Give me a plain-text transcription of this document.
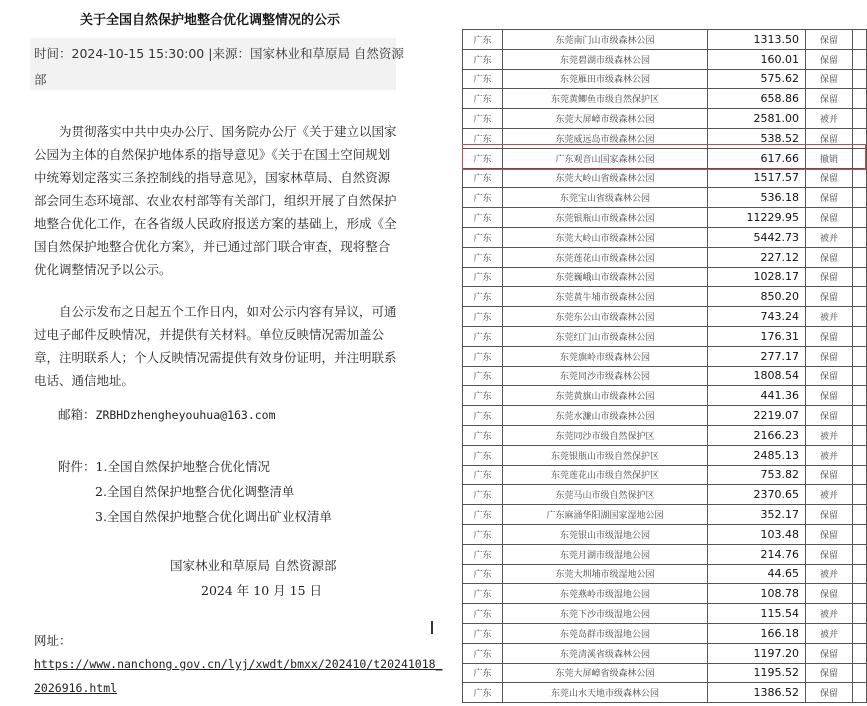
关于全国自然保护地整合优化调整情况的公示
时间：2024-10-15 15:30:00 |来源：国家林业和草原局 自然资源
部

为贯彻落实中共中央办公厅、国务院办公厅《关于建立以国家公园为主体的自然保护地体系的指导意见》《关于在国土空间规划中统筹划定落实三条控制线的指导意见》，国家林草局、自然资源部会同生态环境部、农业农村部等有关部门，组织开展了自然保护地整合优化工作，在各省级人民政府报送方案的基础上，形成《全国自然保护地整合优化方案》，并已通过部门联合审查，现将整合优化调整情况予以公示。

自公示发布之日起五个工作日内，如对公示内容有异议，可通过电子邮件反映情况，并提供有关材料。单位反映情况需加盖公章，注明联系人；个人反映情况需提供有效身份证明，并注明联系电话、通信地址。

邮箱：ZRBHDzhengheyouhua@163.com
附件：1.全国自然保护地整合优化情况
2.全国自然保护地整合优化调整清单
3.全国自然保护地整合优化调出矿业权清单
国家林业和草原局 自然资源部
2024 年 10 月 15 日
网址：
https://www.nanchong.gov.cn/lyj/xwdt/bmxx/202410/t20241018_
2026916.html
广东	东莞南门山市级森林公园	1313.50	保留	
广东	东莞碧湖市级森林公园	160.01	保留	
广东	东莞雁田市级森林公园	575.62	保留	
广东	东莞黄鲫鱼市级自然保护区	658.86	保留	
广东	东莞大屏嶂市级森林公园	2581.00	被并	
广东	东莞威远岛市级森林公园	538.52	保留	
广东	广东观音山国家森林公园	617.66	撤销	
广东	东莞大岭山省级森林公园	1517.57	保留	
广东	东莞宝山省级森林公园	536.18	保留	
广东	东莞银瓶山市级森林公园	11229.95	保留	
广东	东莞大岭山市级森林公园	5442.73	被并	
广东	东莞莲花山市级森林公园	227.12	保留	
广东	东莞巍峨山市级森林公园	1028.17	保留	
广东	东莞黄牛埔市级森林公园	850.20	保留	
广东	东莞东公山市级森林公园	743.24	被并	
广东	东莞红门山市级森林公园	176.31	保留	
广东	东莞旗岭市级森林公园	277.17	保留	
广东	东莞同沙市级森林公园	1808.54	保留	
广东	东莞黄旗山市级森林公园	441.36	保留	
广东	东莞水濂山市级森林公园	2219.07	保留	
广东	东莞同沙市级自然保护区	2166.23	被并	
广东	东莞银瓶山市级自然保护区	2485.13	被并	
广东	东莞莲花山市级自然保护区	753.82	保留	
广东	东莞马山市级自然保护区	2370.65	被并	
广东	广东麻涌华阳湖国家湿地公园	352.17	保留	
广东	东莞银山市级湿地公园	103.48	保留	
广东	东莞月湖市级湿地公园	214.76	保留	
广东	东莞大圳埔市级湿地公园	44.65	被并	
广东	东莞燕岭市级湿地公园	108.78	保留	
广东	东莞下沙市级湿地公园	115.54	被并	
广东	东莞岛群市级湿地公园	166.18	被并	
广东	东莞清溪省级森林公园	1197.20	保留	
广东	东莞大屏嶂省级森林公园	1195.52	保留	
广东	东莞山水天地市级森林公园	1386.52	保留	
